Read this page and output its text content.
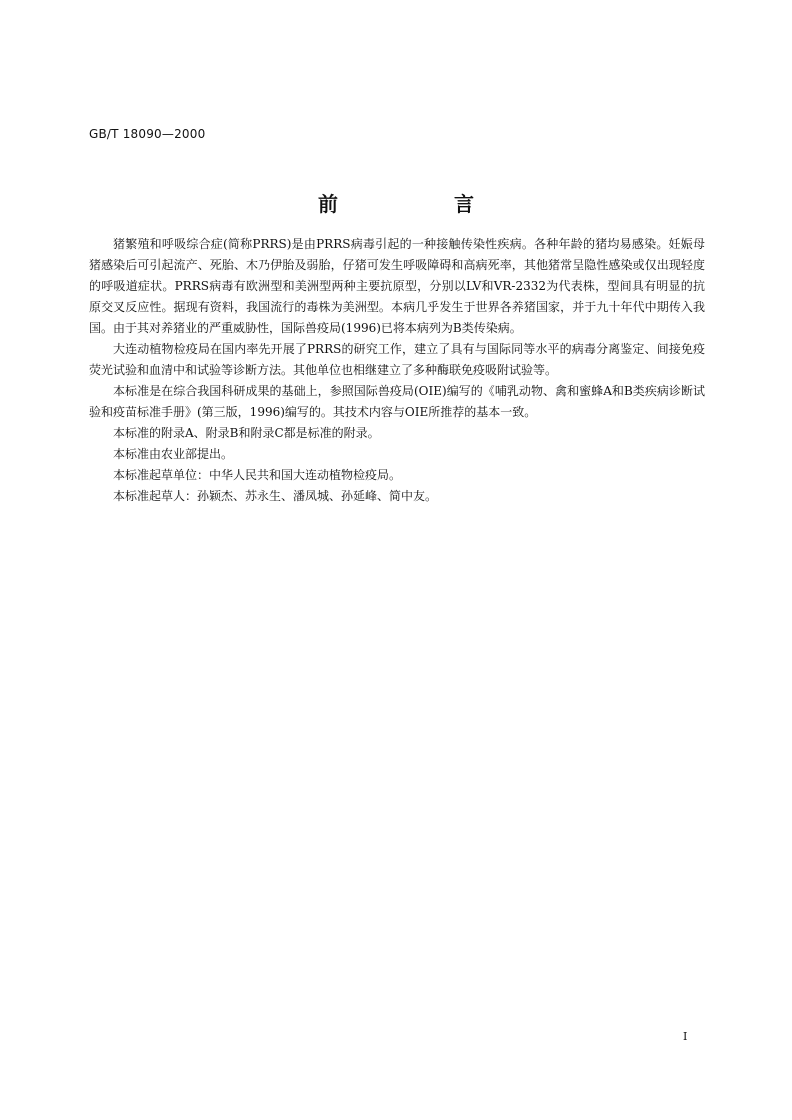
GB/T 18090—2000
前　言

猪繁殖和呼吸综合症(简称PRRS)是由PRRS病毒引起的一种接触传染性疾病。各种年龄的猪均易感染。妊娠母猪感染后可引起流产、死胎、木乃伊胎及弱胎，仔猪可发生呼吸障碍和高病死率，其他猪常呈隐性感染或仅出现轻度的呼吸道症状。PRRS病毒有欧洲型和美洲型两种主要抗原型，分别以LV和VR-2332为代表株，型间具有明显的抗原交叉反应性。据现有资料，我国流行的毒株为美洲型。本病几乎发生于世界各养猪国家，并于九十年代中期传入我国。由于其对养猪业的严重威胁性，国际兽疫局(1996)已将本病列为B类传染病。

大连动植物检疫局在国内率先开展了PRRS的研究工作，建立了具有与国际同等水平的病毒分离鉴定、间接免疫荧光试验和血清中和试验等诊断方法。其他单位也相继建立了多种酶联免疫吸附试验等。

本标准是在综合我国科研成果的基础上，参照国际兽疫局(OIE)编写的《哺乳动物、禽和蜜蜂A和B类疾病诊断试验和疫苗标准手册》(第三版，1996)编写的。其技术内容与OIE所推荐的基本一致。

本标准的附录A、附录B和附录C都是标准的附录。

本标准由农业部提出。

本标准起草单位：中华人民共和国大连动植物检疫局。

本标准起草人：孙颖杰、苏永生、潘凤城、孙延峰、简中友。

I
